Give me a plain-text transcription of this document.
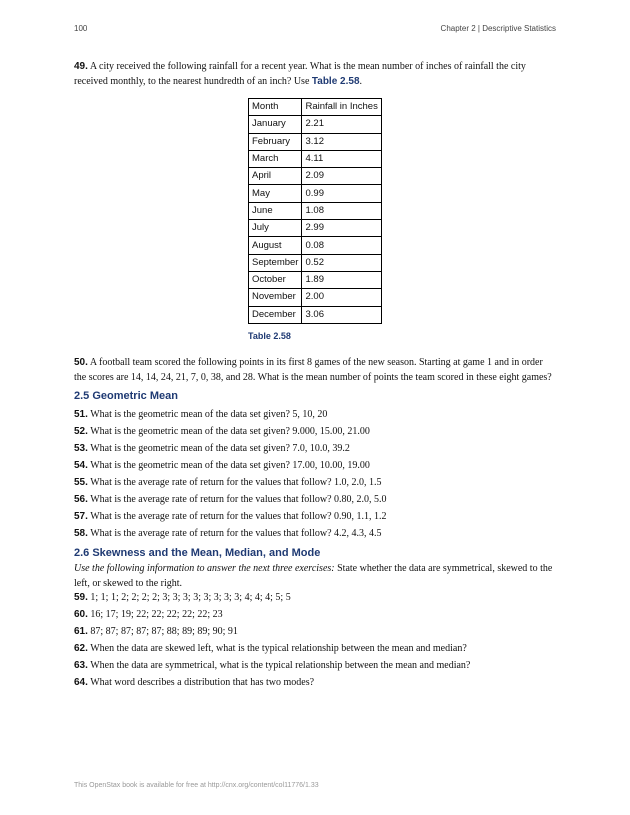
100	Chapter 2 | Descriptive Statistics
49. A city received the following rainfall for a recent year. What is the mean number of inches of rainfall the city received monthly, to the nearest hundredth of an inch? Use Table 2.58.
Month	Rainfall in Inches
January	2.21
February	3.12
March	4.11
April	2.09
May	0.99
June	1.08
July	2.99
August	0.08
September	0.52
October	1.89
November	2.00
December	3.06
Table 2.58
50. A football team scored the following points in its first 8 games of the new season. Starting at game 1 and in order the scores are 14, 14, 24, 21, 7, 0, 38, and 28. What is the mean number of points the team scored in these eight games?
2.5 Geometric Mean
51. What is the geometric mean of the data set given? 5, 10, 20
52. What is the geometric mean of the data set given? 9.000, 15.00, 21.00
53. What is the geometric mean of the data set given? 7.0, 10.0, 39.2
54. What is the geometric mean of the data set given? 17.00, 10.00, 19.00
55. What is the average rate of return for the values that follow? 1.0, 2.0, 1.5
56. What is the average rate of return for the values that follow? 0.80, 2.0, 5.0
57. What is the average rate of return for the values that follow? 0.90, 1.1, 1.2
58. What is the average rate of return for the values that follow? 4.2, 4.3, 4.5
2.6 Skewness and the Mean, Median, and Mode
Use the following information to answer the next three exercises: State whether the data are symmetrical, skewed to the left, or skewed to the right.
59. 1; 1; 1; 2; 2; 2; 2; 3; 3; 3; 3; 3; 3; 3; 3; 4; 4; 4; 5; 5
60. 16; 17; 19; 22; 22; 22; 22; 22; 23
61. 87; 87; 87; 87; 87; 88; 89; 89; 90; 91
62. When the data are skewed left, what is the typical relationship between the mean and median?
63. When the data are symmetrical, what is the typical relationship between the mean and median?
64. What word describes a distribution that has two modes?
This OpenStax book is available for free at http://cnx.org/content/col11776/1.33
